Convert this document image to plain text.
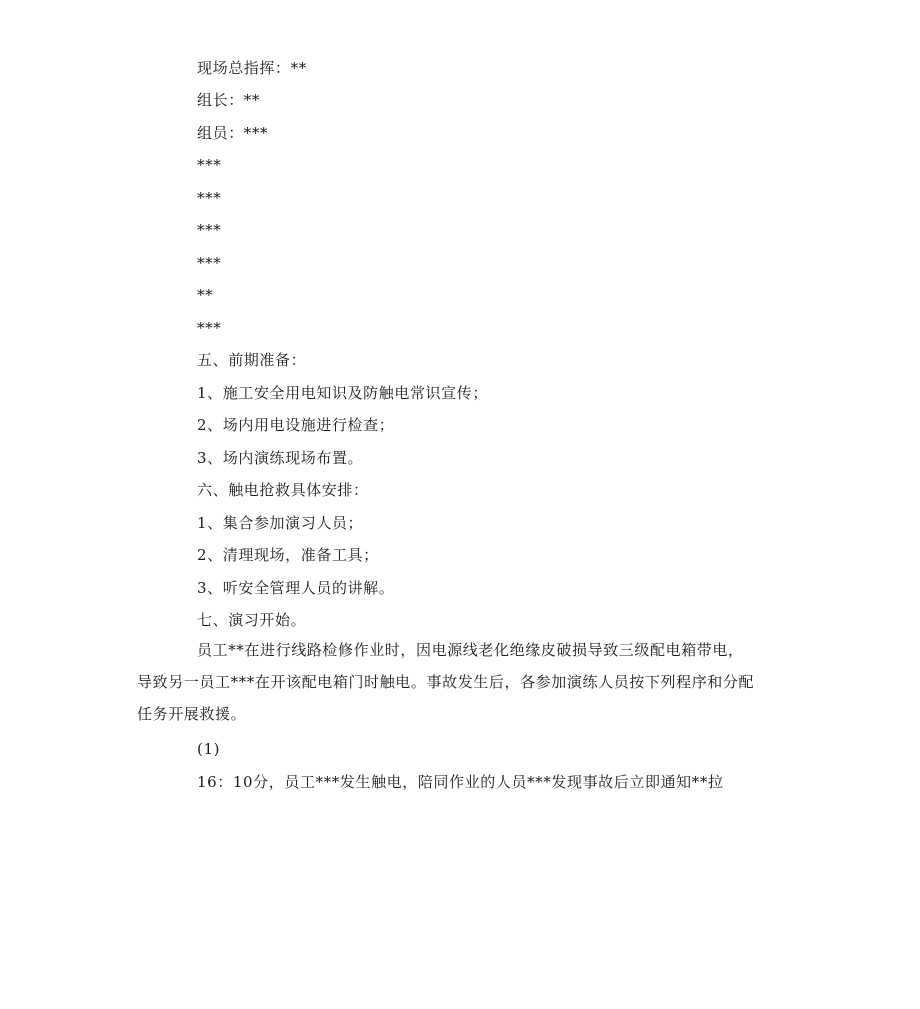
现场总指挥：**
组长：**
组员：***
***
***
***
***
**
***
五、前期准备：
1、施工安全用电知识及防触电常识宣传；
2、场内用电设施进行检查；
3、场内演练现场布置。
六、触电抢救具体安排：
1、集合参加演习人员；
2、清理现场，准备工具；
3、听安全管理人员的讲解。
七、演习开始。
员工**在进行线路检修作业时，因电源线老化绝缘皮破损导致三级配电箱带电，导致另一员工***在开该配电箱门时触电。事故发生后，各参加演练人员按下列程序和分配任务开展救援。
(1)
16：10分，员工***发生触电，陪同作业的人员***发现事故后立即通知**拉
